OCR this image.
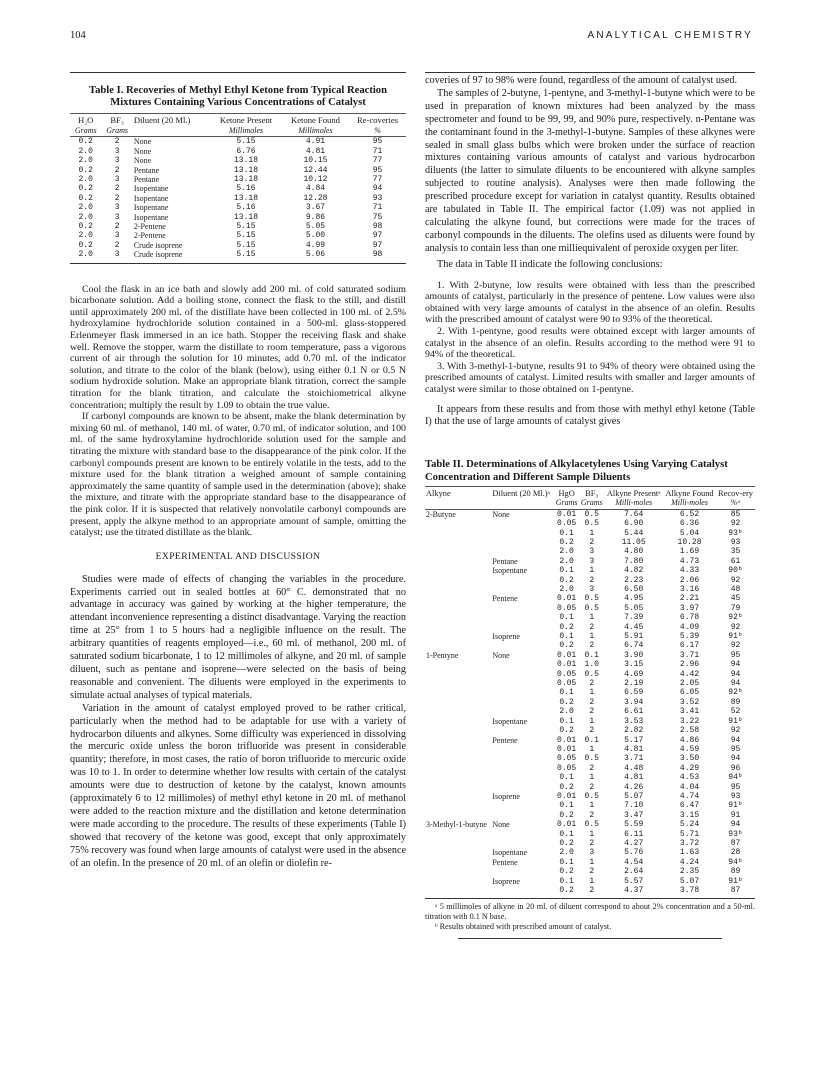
104	ANALYTICAL CHEMISTRY
Table I. Recoveries of Methyl Ethyl Ketone from Typical Reaction Mixtures Containing Various Concentrations of Catalyst
H₂O	BF₃	Diluent (20 Ml.)	Ketone Present	Ketone Found	Re-coveries
Grams	Grams		Millimoles	Millimoles	%
0.2	2	None	5.15	4.91	95
2.0	3	None	6.76	4.81	71
2.0	3	None	13.18	10.15	77
0.2	2	Pentane	13.18	12.44	95
2.0	3	Pentane	13.18	10.12	77
0.2	2	Isopentane	5.16	4.84	94
0.2	2	Isopentane	13.18	12.28	93
2.0	3	Isopentane	5.16	3.67	71
2.0	3	Isopentane	13.18	9.86	75
0.2	2	2-Pentene	5.15	5.05	98
2.0	3	2-Pentene	5.15	5.00	97
0.2	2	Crude isoprene	5.15	4.99	97
2.0	3	Crude isoprene	5.15	5.06	98

Cool the flask in an ice bath and slowly add 200 ml. of cold saturated sodium bicarbonate solution. Add a boiling stone, connect the flask to the still, and distill until approximately 200 ml. of the distillate have been collected in 100 ml. of 2.5% hydroxylamine hydrochloride solution contained in a 500-ml. glass-stoppered Erlenmeyer flask immersed in an ice bath. Stopper the receiving flask and shake well. Remove the stopper, warm the distillate to room temperature, pass a vigorous current of air through the solution for 10 minutes, add 0.70 ml. of the indicator solution, and titrate to the color of the blank (below), using either 0.1 N or 0.5 N sodium hydroxide solution. Make an appropriate blank titration, correct the sample titration for the blank titration, and calculate the stoichiometrical alkyne concentration; multiply the result by 1.09 to obtain the true value.

If carbonyl compounds are known to be absent, make the blank determination by mixing 60 ml. of methanol, 140 ml. of water, 0.70 ml. of indicator solution, and 100 ml. of the same hydroxylamine hydrochloride solution used for the sample and titrating the mixture with standard base to the disappearance of the pink color. If the carbonyl compounds present are known to be entirely volatile in the tests, add to the mixture used for the blank titration a weighed amount of sample containing approximately the same quantity of sample used in the determination (above); shake the mixture, and titrate with the appropriate standard base to the disappearance of the pink color. If it is suspected that relatively nonvolatile carbonyl compounds are present, apply the alkyne method to an appropriate amount of sample, omitting the catalyst; use the titrated distillate as the blank.

EXPERIMENTAL AND DISCUSSION

Studies were made of effects of changing the variables in the procedure. Experiments carried out in sealed bottles at 60° C. demonstrated that no advantage in accuracy was gained by working at the higher temperature, the attendant inconvenience representing a distinct disadvantage. Varying the reaction time at 25° from 1 to 5 hours had a negligible influence on the result. The arbitrary quantities of reagents employed—i.e., 60 ml. of methanol, 200 ml. of saturated sodium bicarbonate, 1 to 12 millimoles of alkyne, and 20 ml. of sample diluent, such as pentane and isoprene—were selected on the basis of being reasonable and convenient. The diluents were employed in the experiments to simulate actual analyses of typical materials.

Variation in the amount of catalyst employed proved to be rather critical, particularly when the method had to be adaptable for use with a variety of hydrocarbon diluents and alkynes. Some difficulty was experienced in dissolving the mercuric oxide unless the boron trifluoride was present in considerable quantity; therefore, in most cases, the ratio of boron trifluoride to mercuric oxide was 10 to 1. In order to determine whether low results with certain of the catalyst amounts were due to destruction of ketone by the catalyst, known amounts (approximately 6 to 12 millimoles) of methyl ethyl ketone in 20 ml. of methanol were added to the reaction mixture and the distillation and ketone determination were made according to the procedure. The results of these experiments (Table I) showed that recovery of the ketone was good, except that only approximately 75% recovery was found when large amounts of catalyst were used in the absence of an olefin. In the presence of 20 ml. of an olefin or diolefin re-

coveries of 97 to 98% were found, regardless of the amount of catalyst used.

The samples of 2-butyne, 1-pentyne, and 3-methyl-1-butyne which were to be used in preparation of known mixtures had been analyzed by the mass spectrometer and found to be 99, 99, and 90% pure, respectively. n-Pentane was the contaminant found in the 3-methyl-1-butyne. Samples of these alkynes were sealed in small glass bulbs which were broken under the surface of reaction mixtures containing various amounts of catalyst and various hydrocarbon diluents (the latter to simulate diluents to be encountered with alkyne samples subjected to routine analysis). Analyses were then made following the prescribed procedure except for variation in catalyst quantity. Results obtained are tabulated in Table II. The empirical factor (1.09) was not applied in calculating the alkyne found, but corrections were made for the traces of carbonyl compounds in the diluents. The olefins used as diluents were found by analysis to contain less than one milliequivalent of peroxide oxygen per liter.

The data in Table II indicate the following conclusions:

1. With 2-butyne, low results were obtained with less than the prescribed amounts of catalyst, particularly in the presence of pentene. Low values were also obtained with very large amounts of catalyst in the absence of an olefin. Results with the prescribed amount of catalyst were 90 to 93% of the theoretical.

2. With 1-pentyne, good results were obtained except with larger amounts of catalyst in the absence of an olefin. Results according to the method were 91 to 94% of the theoretical.

3. With 3-methyl-1-butyne, results 91 to 94% of theory were obtained using the prescribed amounts of catalyst. Limited results with smaller and larger amounts of catalyst were similar to those obtained on 1-pentyne.

It appears from these results and from those with methyl ethyl ketone (Table I) that the use of large amounts of catalyst gives

Table II. Determinations of Alkylacetylenes Using Varying Catalyst Concentration and Different Sample Diluents
Alkyne	Diluent (20 Ml.)ᵃ	HgO	BF₃	Alkyne Presentᵃ	Alkyne Found	Recov-ery
		Grams	Grams	Milli-moles	Milli-moles	%ᵃ
2-Butyne	None	0.01	0.5	7.64	6.52	85
		0.05	0.5	6.90	6.36	92
		0.1	1	5.44	5.04	93ᵇ
		0.2	2	11.05	10.28	93
		2.0	3	4.80	1.69	35
	Pentane	2.0	3	7.80	4.73	61
	Isopentane	0.1	1	4.82	4.33	90ᵇ
		0.2	2	2.23	2.06	92
		2.0	3	6.50	3.16	48
	Pentene	0.01	0.5	4.95	2.21	45
		0.05	0.5	5.05	3.97	79
		0.1	1	7.39	6.78	92ᵇ
		0.2	2	4.45	4.09	92
	Isoprene	0.1	1	5.91	5.39	91ᵇ
		0.2	2	6.74	6.17	92
1-Pentyne	None	0.01	0.1	3.90	3.71	95
		0.01	1.0	3.15	2.96	94
		0.05	0.5	4.69	4.42	94
		0.05	2	2.19	2.05	94
		0.1	1	6.59	6.05	92ᵇ
		0.2	2	3.94	3.52	89
		2.0	2	6.61	3.41	52
	Isopentane	0.1	1	3.53	3.22	91ᵇ
		0.2	2	2.82	2.58	92
	Pentene	0.01	0.1	5.17	4.86	94
		0.01	1	4.81	4.59	95
		0.05	0.5	3.71	3.50	94
		0.05	2	4.48	4.29	96
		0.1	1	4.81	4.53	94ᵇ
		0.2	2	4.26	4.04	95
	Isoprene	0.01	0.5	5.07	4.74	93
		0.1	1	7.10	6.47	91ᵇ
		0.2	2	3.47	3.15	91
3-Methyl-1-butyne	None	0.01	0.5	5.59	5.24	94
		0.1	1	6.11	5.71	93ᵇ
		0.2	2	4.27	3.72	87
	Isopentane	2.0	3	5.76	1.63	28
	Pentene	0.1	1	4.54	4.24	94ᵇ
		0.2	2	2.64	2.35	89
	Isoprene	0.1	1	5.57	5.07	91ᵇ
		0.2	2	4.37	3.78	87

ᵃ 5 millimoles of alkyne in 20 ml. of diluent correspond to about 2% concentration and a 50-ml. titration with 0.1 N base.

ᵇ Results obtained with prescribed amount of catalyst.
